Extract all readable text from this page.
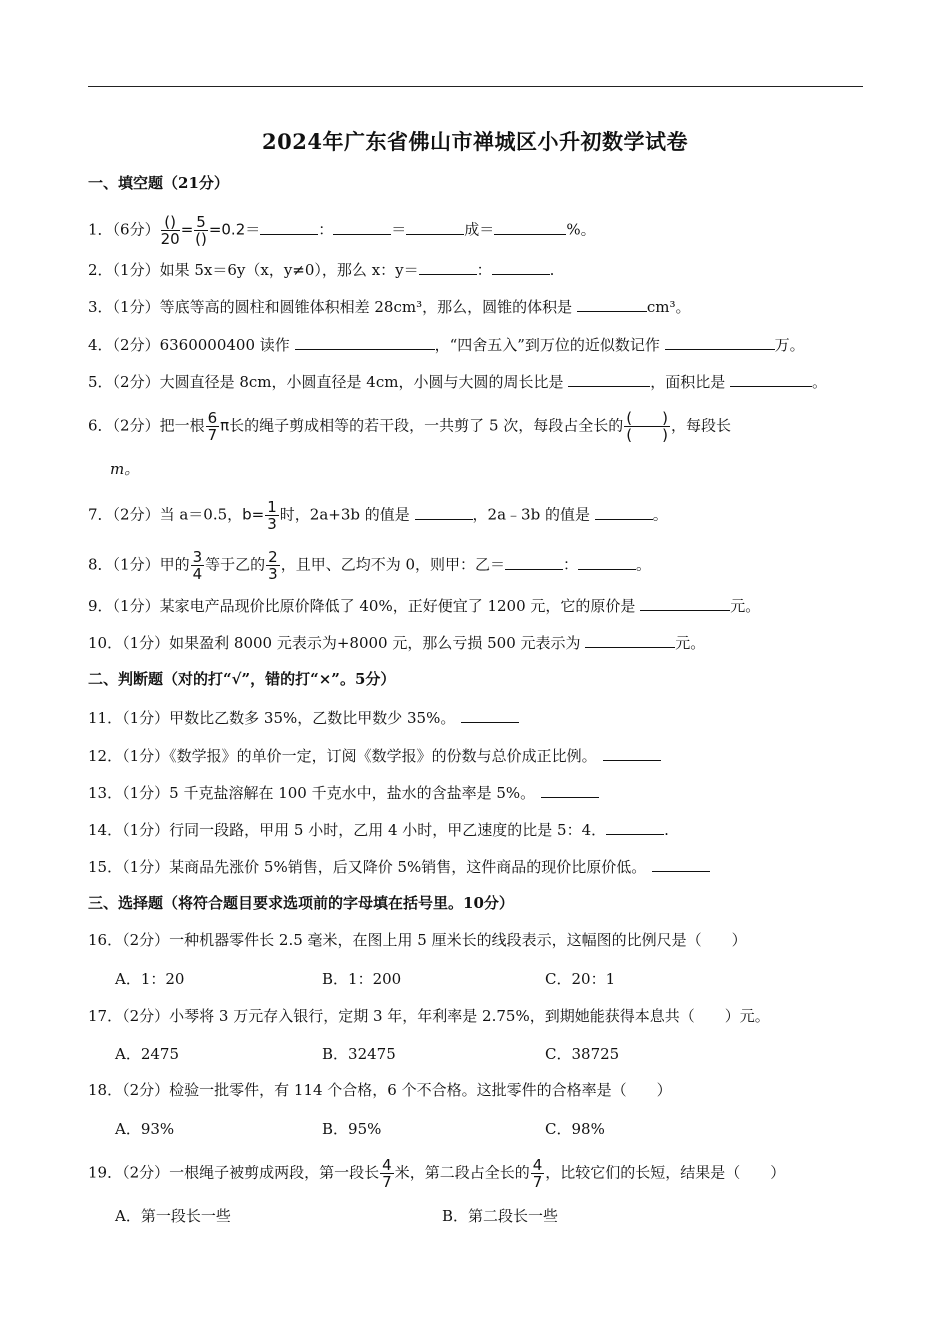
2024年广东省佛山市禅城区小升初数学试卷
一、填空题（21分）
1．（6分） $\frac{()}{20} = \frac{5}{()} =0.2=$	：	＝	成＝	%。
2．（1分）如果 5x＝6y（x，y≠0），那么 x：y＝	：	.
3．（1分）等底等高的圆柱和圆锥体积相差 28cm³，那么，圆锥的体积是	cm³。
4．（2分）6360000400 读作	，“四舍五入”到万位的近似数记作	万。
5．（2分）大圆直径是 8cm，小圆直径是 4cm，小圆与大圆的周长比是	，面积比是	。
6．（2分）把一根 $\frac{6}{7}$ π长的绳子剪成相等的若干段，一共剪了 5 次，每段占全长的 $\frac{( )}{( )}$ ，每段长
m。
7．（2分）当 a＝0.5，$b= \frac{1}{3}$ 时，2a+3b 的值是	，2a﹣3b 的值是	。
8．（1分）甲的 $\frac{3}{4}$ 等于乙的 $\frac{2}{3}$ ，且甲、乙均不为 0，则甲：乙＝	：	。
9．（1分）某家电产品现价比原价降低了 40%，正好便宜了 1200 元，它的原价是	元。
10．（1分）如果盈利 8000 元表示为+8000 元，那么亏损 500 元表示为	元。
二、判断题（对的打“√”，错的打“×”。5分）
11．（1分）甲数比乙数多 35%，乙数比甲数少 35%。
12．（1分）《数学报》的单价一定，订阅《数学报》的份数与总价成正比例。
13．（1分）5 千克盐溶解在 100 千克水中，盐水的含盐率是 5%。
14．（1分）行同一段路，甲用 5 小时，乙用 4 小时，甲乙速度的比是 5：4．	.
15．（1分）某商品先涨价 5%销售，后又降价 5%销售，这件商品的现价比原价低。
三、选择题（将符合题目要求选项前的字母填在括号里。10分）
16．（2分）一种机器零件长 2.5 毫米，在图上用 5 厘米长的线段表示，这幅图的比例尺是（　　）
A．1：20	B．1：200	C．20：1
17．（2分）小琴将 3 万元存入银行，定期 3 年，年利率是 2.75%，到期她能获得本息共（　　）元。
A．2475	B．32475	C．38725
18．（2分）检验一批零件，有 114 个合格，6 个不合格。这批零件的合格率是（　　）
A．93%	B．95%	C．98%
19．（2分）一根绳子被剪成两段，第一段长 $\frac{4}{7}$ 米，第二段占全长的 $\frac{4}{7}$ ，比较它们的长短，结果是（　　）
A．第一段长一些	B．第二段长一些
